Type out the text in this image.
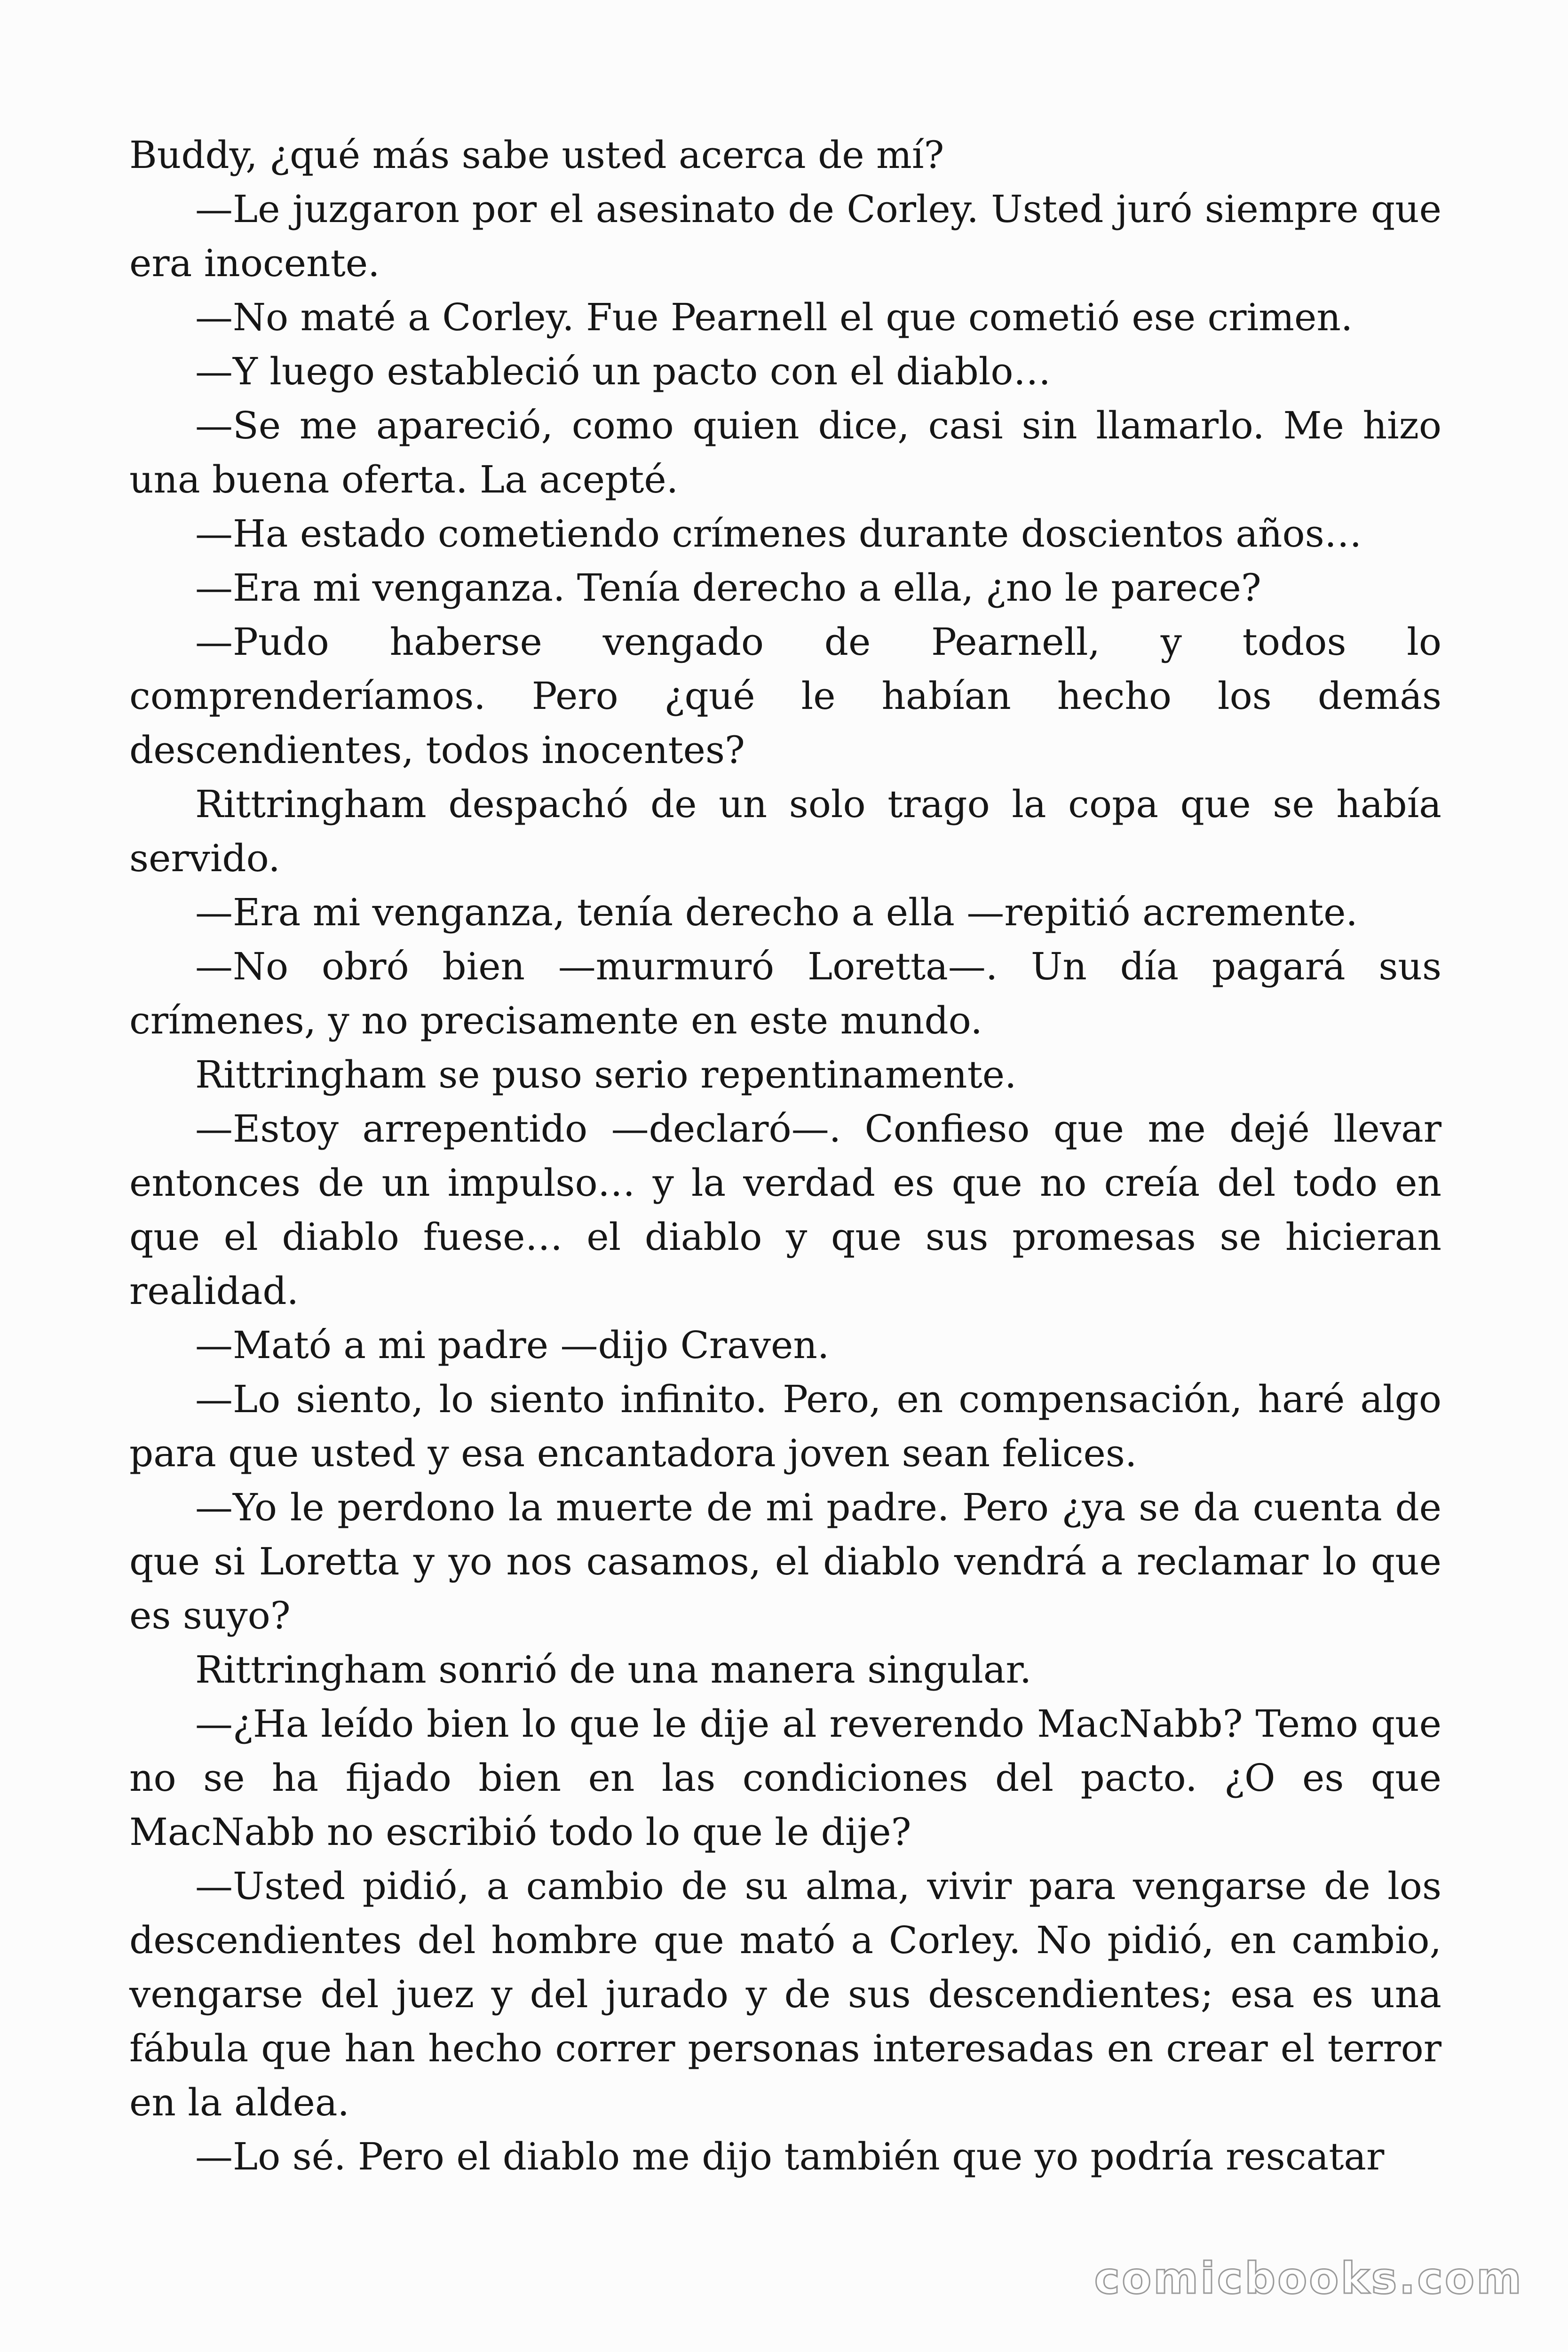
Buddy, ¿qué más sabe usted acerca de mí?

—Le juzgaron por el asesinato de Corley. Usted juró siempre que era inocente.

—No maté a Corley. Fue Pearnell el que cometió ese crimen.

—Y luego estableció un pacto con el diablo…

—Se me apareció, como quien dice, casi sin llamarlo. Me hizo una buena oferta. La acepté.

—Ha estado cometiendo crímenes durante doscientos años…

—Era mi venganza. Tenía derecho a ella, ¿no le parece?

—Pudo haberse vengado de Pearnell, y todos lo comprenderíamos. Pero ¿qué le habían hecho los demás descendientes, todos inocentes?

Rittringham despachó de un solo trago la copa que se había servido.

—Era mi venganza, tenía derecho a ella —repitió acremente.

—No obró bien —murmuró Loretta—. Un día pagará sus crímenes, y no precisamente en este mundo.

Rittringham se puso serio repentinamente.

—Estoy arrepentido —declaró—. Confieso que me dejé llevar entonces de un impulso… y la verdad es que no creía del todo en que el diablo fuese… el diablo y que sus promesas se hicieran realidad.

—Mató a mi padre —dijo Craven.

—Lo siento, lo siento infinito. Pero, en compensación, haré algo para que usted y esa encantadora joven sean felices.

—Yo le perdono la muerte de mi padre. Pero ¿ya se da cuenta de que si Loretta y yo nos casamos, el diablo vendrá a reclamar lo que es suyo?

Rittringham sonrió de una manera singular.

—¿Ha leído bien lo que le dije al reverendo MacNabb? Temo que no se ha fijado bien en las condiciones del pacto. ¿O es que MacNabb no escribió todo lo que le dije?

—Usted pidió, a cambio de su alma, vivir para vengarse de los descendientes del hombre que mató a Corley. No pidió, en cambio, vengarse del juez y del jurado y de sus descendientes; esa es una fábula que han hecho correr personas interesadas en crear el terror en la aldea.

—Lo sé. Pero el diablo me dijo también que yo podría rescatar

comicbooks.com
